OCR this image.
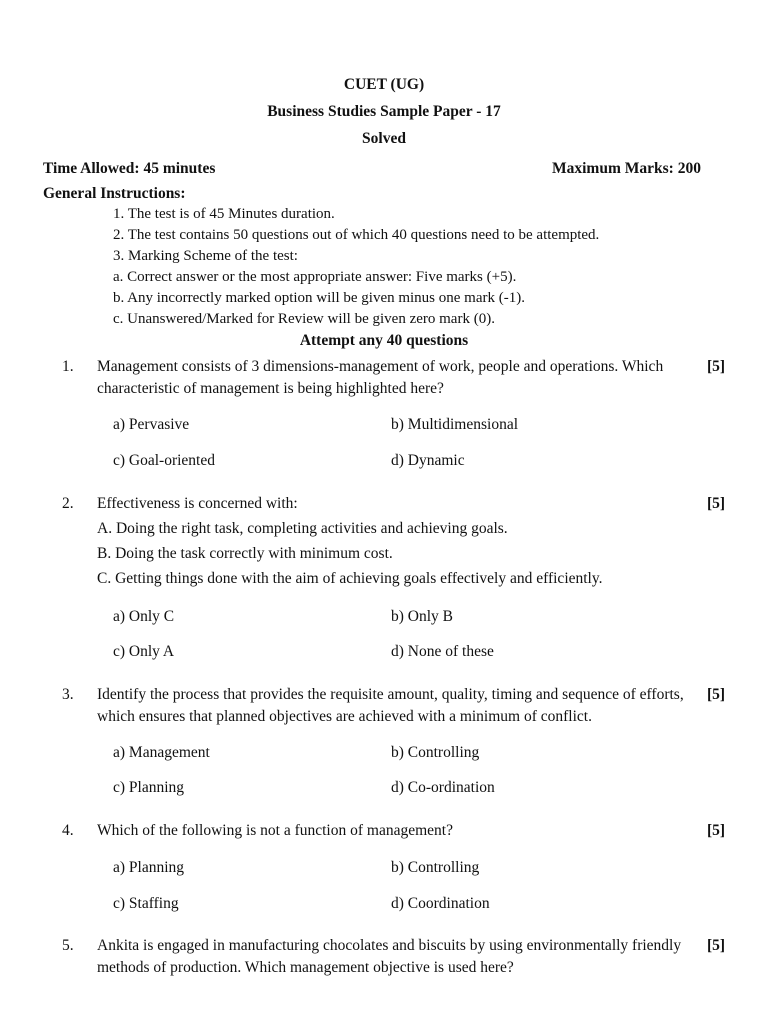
CUET (UG)
Business Studies Sample Paper - 17
Solved
Time Allowed: 45 minutes	Maximum Marks: 200
General Instructions:
1. The test is of 45 Minutes duration.
2. The test contains 50 questions out of which 40 questions need to be attempted.
3. Marking Scheme of the test:
a. Correct answer or the most appropriate answer: Five marks (+5).
b. Any incorrectly marked option will be given minus one mark (-1).
c. Unanswered/Marked for Review will be given zero mark (0).
Attempt any 40 questions
1. Management consists of 3 dimensions-management of work, people and operations. Which characteristic of management is being highlighted here?
[5]
a) Pervasive	b) Multidimensional
c) Goal-oriented	d) Dynamic
2. Effectiveness is concerned with:	[5]
A. Doing the right task, completing activities and achieving goals.
B. Doing the task correctly with minimum cost.
C. Getting things done with the aim of achieving goals effectively and efficiently.
a) Only C	b) Only B
c) Only A	d) None of these
3. Identify the process that provides the requisite amount, quality, timing and sequence of efforts, which ensures that planned objectives are achieved with a minimum of conflict.
[5]
a) Management	b) Controlling
c) Planning	d) Co-ordination
4. Which of the following is not a function of management?	[5]
a) Planning	b) Controlling
c) Staffing	d) Coordination
5. Ankita is engaged in manufacturing chocolates and biscuits by using environmentally friendly methods of production. Which management objective is used here?
[5]
